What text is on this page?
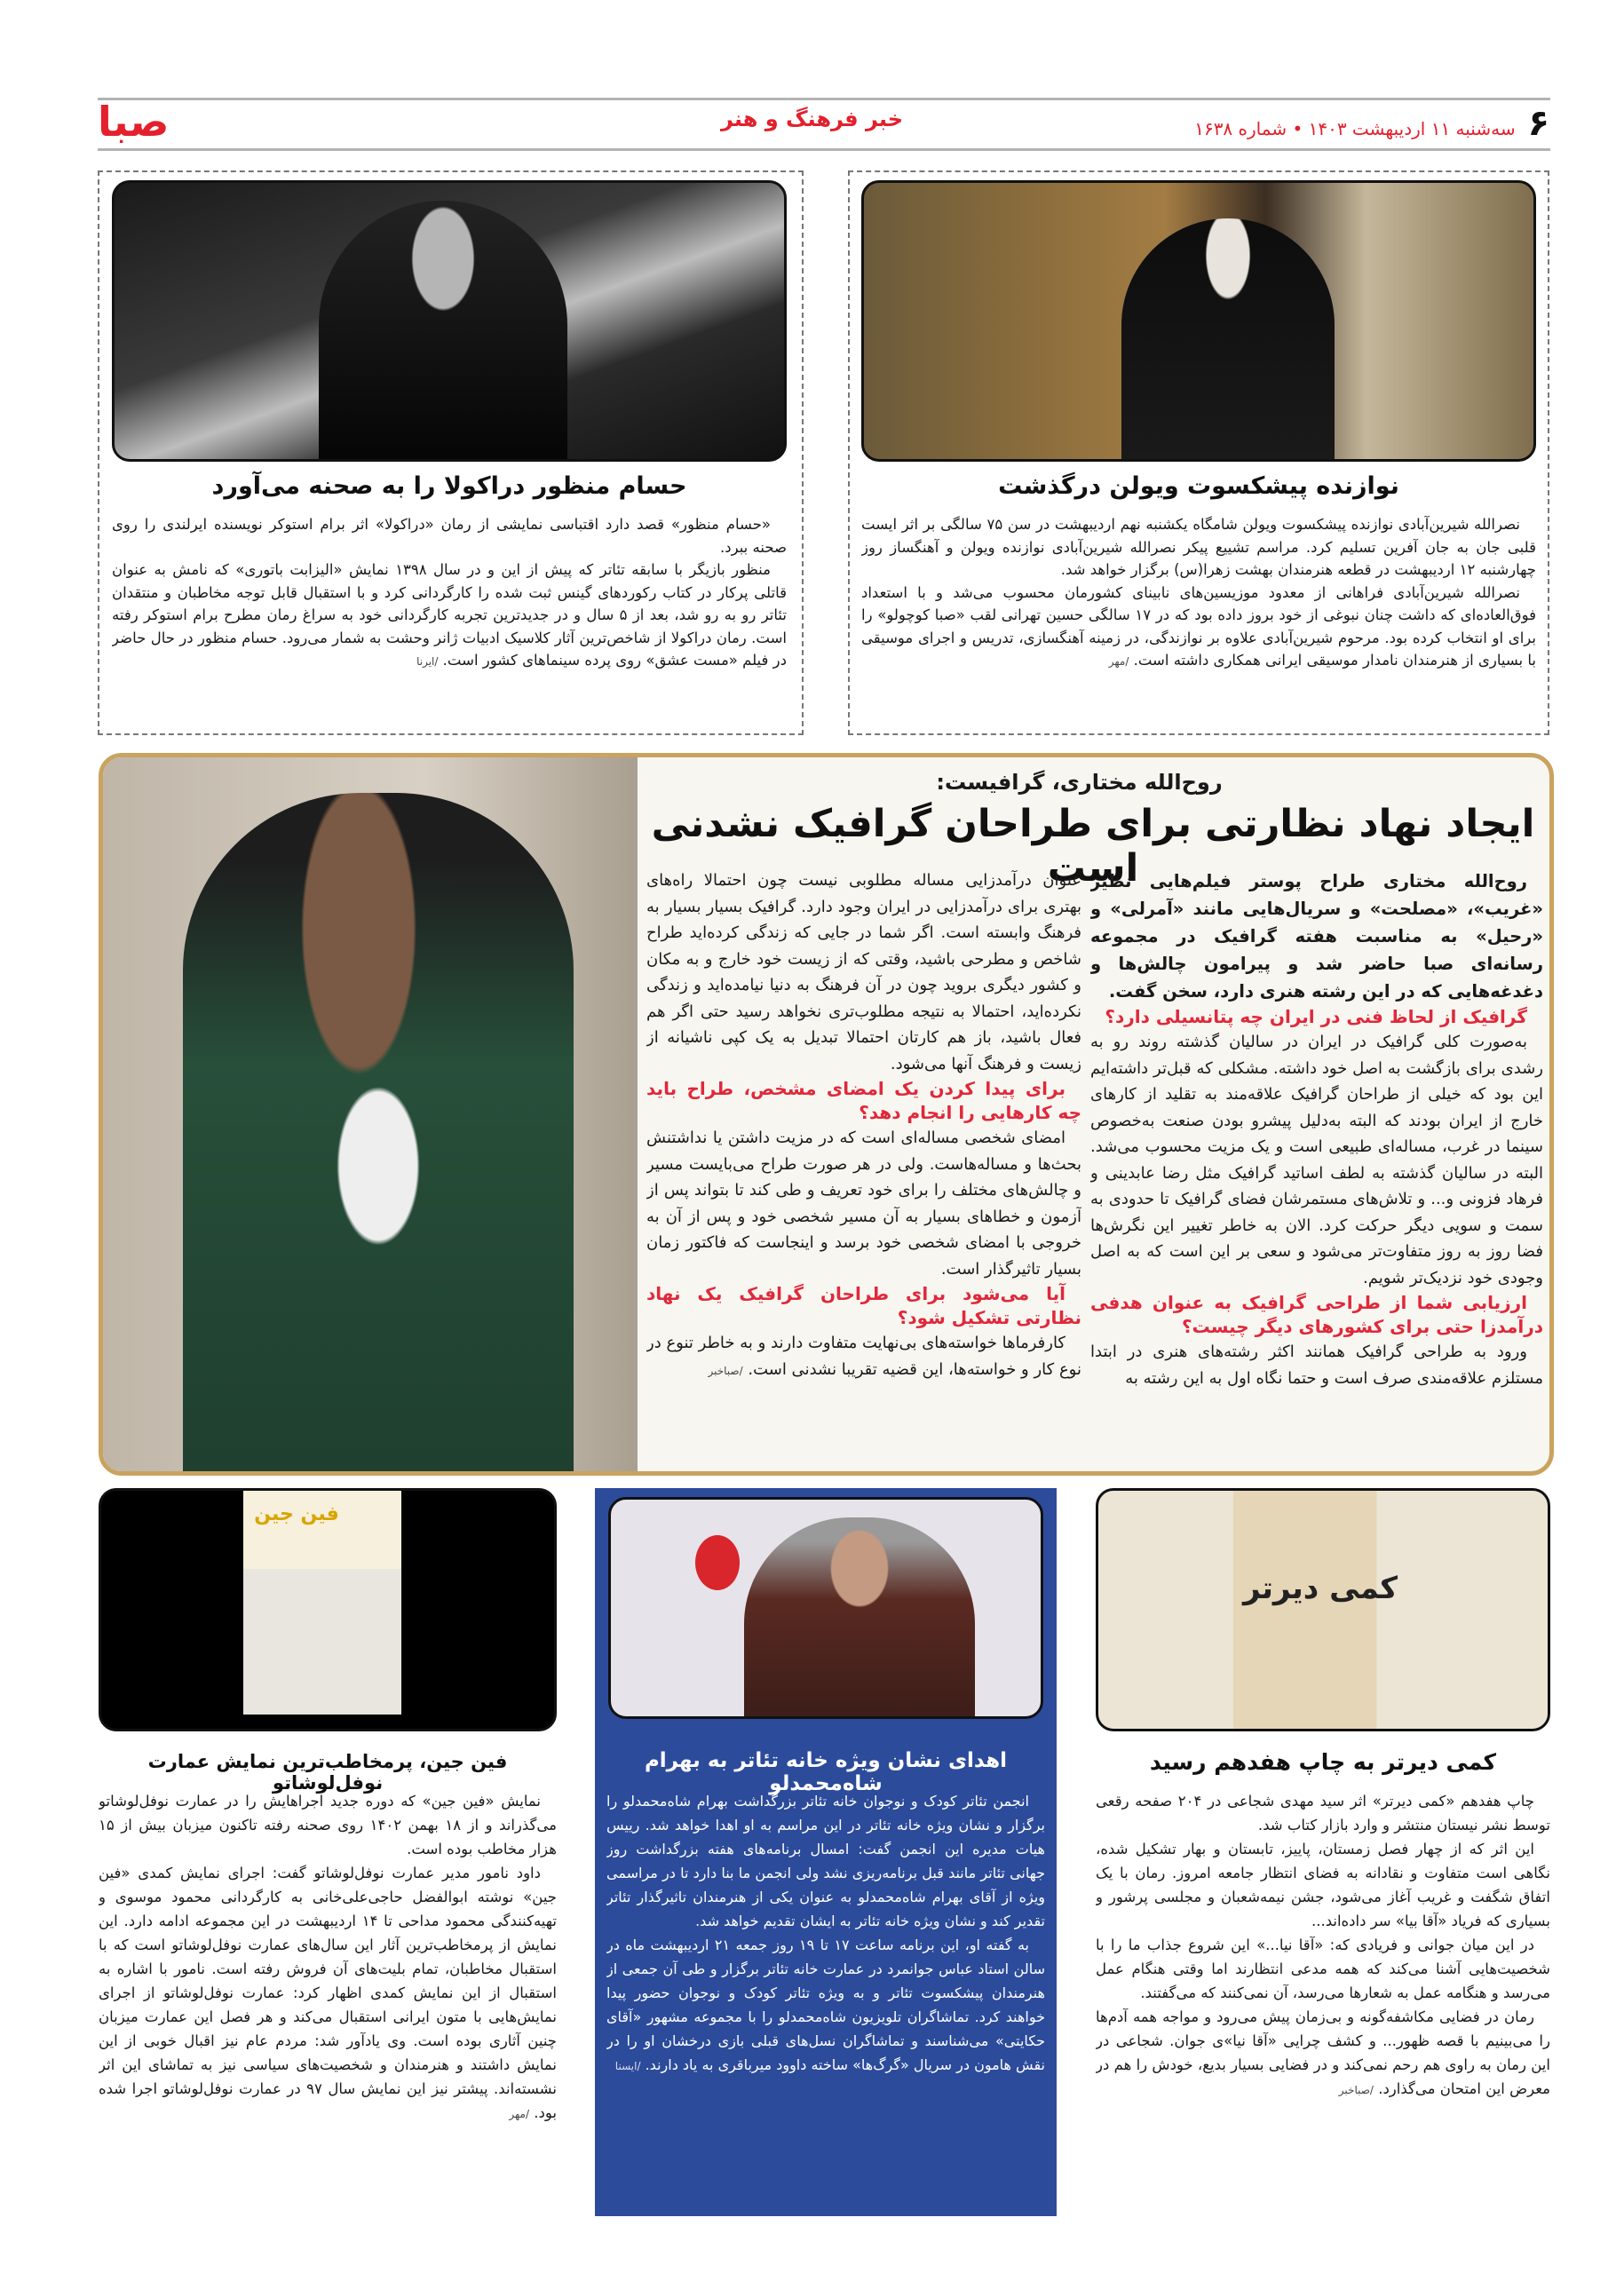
صبا	خبر فرهنگ و هنر	۶
سه‌شنبه ۱۱ اردیبهشت ۱۴۰۳ • شماره ۱۶۳۸
نوازنده پیشکسوت ویولن درگذشت

نصرالله شیرین‌آبادی نوازنده پیشکسوت ویولن شامگاه یکشنبه نهم اردیبهشت در سن ۷۵ سالگی بر اثر ایست قلبی جان به جان آفرین تسلیم کرد. مراسم تشییع پیکر نصرالله شیرین‌آبادی نوازنده ویولن و آهنگساز روز چهارشنبه ۱۲ اردیبهشت در قطعه هنرمندان بهشت زهرا(س) برگزار خواهد شد.

نصرالله شیرین‌آبادی فراهانی از معدود موزیسین‌های نابینای کشورمان محسوب می‌شد و با استعداد فوق‌العاده‌ای که داشت چنان نبوغی از خود بروز داده بود که در ۱۷ سالگی حسین تهرانی لقب «صبا کوچولو» را برای او انتخاب کرده بود. مرحوم شیرین‌آبادی علاوه بر نوازندگی، در زمینه آهنگسازی، تدریس و اجرای موسیقی با بسیاری از هنرمندان نامدار موسیقی ایرانی همکاری داشته است. /مهر

حسام منظور دراکولا را به صحنه می‌آورد

«حسام منظور» قصد دارد اقتباسی نمایشی از رمان «دراکولا» اثر برام استوکر نویسنده ایرلندی را روی صحنه ببرد.

منظور بازیگر با سابقه تئاتر که پیش از این و در سال ۱۳۹۸ نمایش «الیزابت باتوری» که نامش به عنوان قاتلی پرکار در کتاب رکوردهای گینس ثبت شده را کارگردانی کرد و با استقبال قابل توجه مخاطبان و منتقدان تئاتر رو به رو شد، بعد از ۵ سال و در جدیدترین تجربه کارگردانی خود به سراغ رمان مطرح برام استوکر رفته است. رمان دراکولا از شاخص‌ترین آثار کلاسیک ادبیات ژانر وحشت به شمار می‌رود. حسام منظور در حال حاضر در فیلم «مست عشق» روی پرده سینماهای کشور است. /ایرنا

روح‌الله مختاری، گرافیست:
ایجاد نهاد نظارتی برای طراحان گرافیک نشدنی است

روح‌الله مختاری طراح پوستر فیلم‌هایی نظیر «غریب»، «مصلحت» و سریال‌هایی مانند «آمرلی» و «رحیل» به مناسبت هفته گرافیک در مجموعه رسانه‌ای صبا حاضر شد و پیرامون چالش‌ها و دغدغه‌هایی که در این رشته هنری دارد، سخن گفت.

گرافیک از لحاظ فنی در ایران چه پتانسیلی دارد؟

به‌صورت کلی گرافیک در ایران در سالیان گذشته روند رو به رشدی برای بازگشت به اصل خود داشته. مشکلی که قبل‌تر داشته‌ایم این بود که خیلی از طراحان گرافیک علاقه‌مند به تقلید از کارهای خارج از ایران بودند که البته به‌دلیل پیشرو بودن صنعت به‌خصوص سینما در غرب، مساله‌ای طبیعی است و یک مزیت محسوب می‌شد. البته در سالیان گذشته به لطف اساتید گرافیک مثل رضا عابدینی و فرهاد فزونی و... و تلاش‌های مستمرشان فضای گرافیک تا حدودی به سمت و سویی دیگر حرکت کرد. الان به خاطر تغییر این نگرش‌ها فضا روز به روز متفاوت‌تر می‌شود و سعی بر این است که به اصل وجودی خود نزدیک‌تر شویم.

ارزیابی شما از طراحی گرافیک به عنوان هدفی درآمدزا حتی برای کشورهای دیگر چیست؟

ورود به طراحی گرافیک همانند اکثر رشته‌های هنری در ابتدا مستلزم علاقه‌مندی صرف است و حتما نگاه اول به این رشته به

عنوان درآمدزایی مساله مطلوبی نیست چون احتمالا راه‌های بهتری برای درآمدزایی در ایران وجود دارد. گرافیک بسیار بسیار به فرهنگ وابسته است. اگر شما در جایی که زندگی کرده‌اید طراح شاخص و مطرحی باشید، وقتی که از زیست خود خارج و به مکان و کشور دیگری بروید چون در آن فرهنگ به دنیا نیامده‌اید و زندگی نکرده‌اید، احتمالا به نتیجه مطلوب‌تری نخواهد رسید حتی اگر هم فعال باشید، باز هم کارتان احتمالا تبدیل به یک کپی ناشیانه از زیست و فرهنگ آنها می‌شود.

برای پیدا کردن یک امضای مشخص، طراح باید چه کارهایی را انجام دهد؟

امضای شخصی مساله‌ای است که در مزیت داشتن یا نداشتنش بحث‌ها و مساله‌هاست. ولی در هر صورت طراح می‌بایست مسیر و چالش‌های مختلف را برای خود تعریف و طی کند تا بتواند پس از آزمون و خطاهای بسیار به آن مسیر شخصی خود و پس از آن به خروجی با امضای شخصی خود برسد و اینجاست که فاکتور زمان بسیار تاثیرگذار است.

آیا می‌شود برای طراحان گرافیک یک نهاد نظارتی تشکیل شود؟

کارفرماها خواسته‌های بی‌نهایت متفاوت دارند و به خاطر تنوع در نوع کار و خواسته‌ها، این قضیه تقریبا نشدنی است. /صباخبر

کمی دیرتر
کمی دیرتر به چاپ هفدهم رسید

چاپ هفدهم «کمی دیرتر» اثر سید مهدی شجاعی در ۲۰۴ صفحه رقعی توسط نشر نیستان منتشر و وارد بازار کتاب شد.

این اثر که از چهار فصل زمستان، پاییز، تابستان و بهار تشکیل شده، نگاهی است متفاوت و نقادانه به فضای انتظار جامعه امروز. رمان با یک اتفاق شگفت و غریب آغاز می‌شود، جشن نیمه‌شعبان و مجلسی پرشور و بسیاری که فریاد «آقا بیا» سر داده‌اند...

در این میان جوانی و فریادی که: «آقا نیا...» این شروع جذاب ما را با شخصیت‌هایی آشنا می‌کند که همه مدعی انتظارند اما وقتی هنگام عمل می‌رسد و هنگامه عمل به شعارها می‌رسد، آن نمی‌کنند که می‌گفتند.

رمان در فضایی مکاشفه‌گونه و بی‌زمان پیش می‌رود و مواجه همه آدم‌ها را می‌بینیم با قصه ظهور... و کشف چرایی «آقا نیا»ی جوان. شجاعی در این رمان به راوی هم رحم نمی‌کند و در فضایی بسیار بدیع، خودش را هم در معرض این امتحان می‌گذارد. /صباخبر

اهدای نشان ویژه خانه تئاتر به بهرام شاه‌محمدلو

انجمن تئاتر کودک و نوجوان خانه تئاتر بزرگداشت بهرام شاه‌محمدلو را برگزار و نشان ویژه خانه تئاتر در این مراسم به او اهدا خواهد شد. رییس هیات مدیره این انجمن گفت: امسال برنامه‌های هفته بزرگداشت روز جهانی تئاتر مانند قبل برنامه‌ریزی نشد ولی انجمن ما بنا دارد تا در مراسمی ویژه از آقای بهرام شاه‌محمدلو به عنوان یکی از هنرمندان تاثیرگذار تئاتر تقدیر کند و نشان ویژه خانه تئاتر به ایشان تقدیم خواهد شد.

به گفته او، این برنامه ساعت ۱۷ تا ۱۹ روز جمعه ۲۱ اردیبهشت ماه در سالن استاد عباس جوانمرد در عمارت خانه تئاتر برگزار و طی آن جمعی از هنرمندان پیشکسوت تئاتر و به ویژه تئاتر کودک و نوجوان حضور پیدا خواهند کرد. تماشاگران تلویزیون شاه‌محمدلو را با مجموعه مشهور «آقای حکایتی» می‌شناسند و تماشاگران نسل‌های قبلی بازی درخشان او را در نقش هامون در سریال «گرگ‌ها» ساخته داوود میرباقری به یاد دارند. /ایسنا

فین جین
فین جین، پرمخاطب‌ترین نمایش عمارت نوفل‌لوشاتو

نمایش «فین جین» که دوره جدید اجراهایش را در عمارت نوفل‌لوشاتو می‌گذراند و از ۱۸ بهمن ۱۴۰۲ روی صحنه رفته تاکنون میزبان بیش از ۱۵ هزار مخاطب بوده است.

داود نامور مدیر عمارت نوفل‌لوشاتو گفت: اجرای نمایش کمدی «فین جین» نوشته ابوالفضل حاجی‌علی‌خانی به کارگردانی محمود موسوی و تهیه‌کنندگی محمود مداحی تا ۱۴ اردیبهشت در این مجموعه ادامه دارد. این نمایش از پرمخاطب‌ترین آثار این سال‌های عمارت نوفل‌لوشاتو است که با استقبال مخاطبان، تمام بلیت‌های آن فروش رفته است. نامور با اشاره به استقبال از این نمایش کمدی اظهار کرد: عمارت نوفل‌لوشاتو از اجرای نمایش‌هایی با متون ایرانی استقبال می‌کند و هر فصل این عمارت میزبان چنین آثاری بوده است. وی یادآور شد: مردم عام نیز اقبال خوبی از این نمایش داشتند و هنرمندان و شخصیت‌های سیاسی نیز به تماشای این اثر نشسته‌اند. پیشتر نیز این نمایش سال ۹۷ در عمارت نوفل‌لوشاتو اجرا شده بود. /مهر
